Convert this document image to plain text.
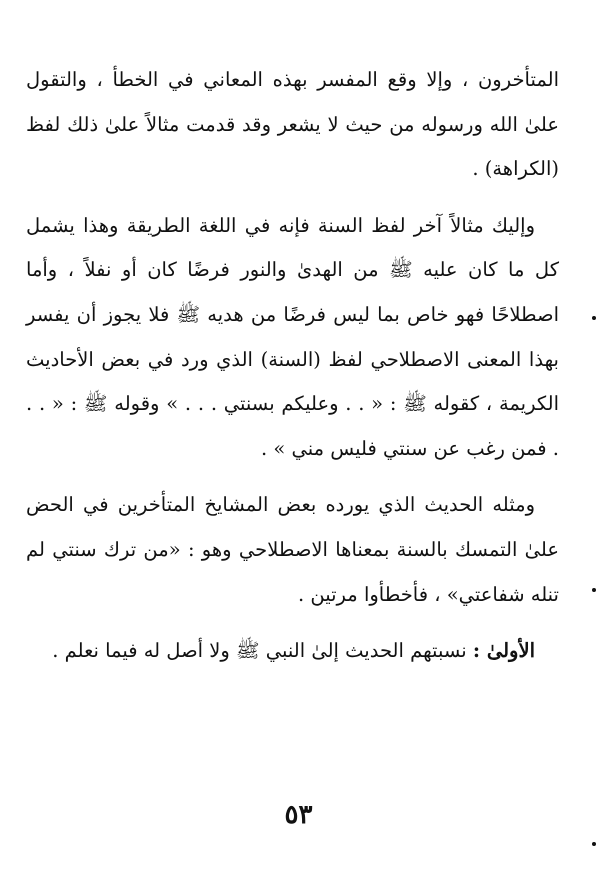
المتأخرون ، وإلا وقع المفسر بهذه المعاني في الخطأ ، والتقول علىٰ الله ورسوله من حيث لا يشعر وقد قدمت مثالاً علىٰ ذلك لفظ (الكراهة) .

وإليك مثالاً آخر لفظ السنة فإنه في اللغة الطريقة وهذا يشمل كل ما كان عليه ﷺ من الهدىٰ والنور فرضًا كان أو نفلاً ، وأما اصطلاحًا فهو خاص بما ليس فرضًا من هديه ﷺ فلا يجوز أن يفسر بهذا المعنى الاصطلاحي لفظ (السنة) الذي ورد في بعض الأحاديث الكريمة ، كقوله ﷺ : « . . وعليكم بسنتي . . . » وقوله ﷺ : « . . . فمن رغب عن سنتي فليس مني » .

ومثله الحديث الذي يورده بعض المشايخ المتأخرين في الحض علىٰ التمسك بالسنة بمعناها الاصطلاحي وهو : «من ترك سنتي لم تنله شفاعتي» ، فأخطأوا مرتين .

الأولىٰ : نسبتهم الحديث إلىٰ النبي ﷺ ولا أصل له فيما نعلم .

٥٣
